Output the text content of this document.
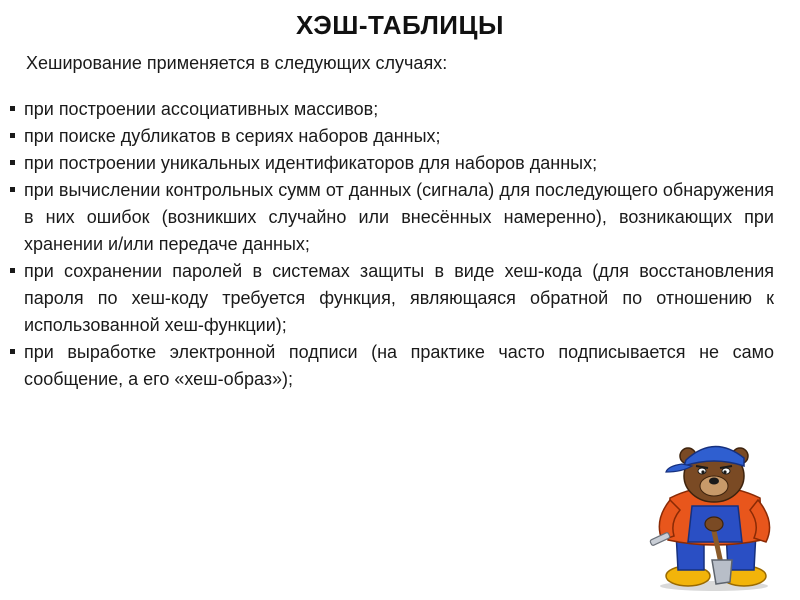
ХЭШ-ТАБЛИЦЫ
Хеширование применяется в следующих случаях:
при построении ассоциативных массивов;
при поиске дубликатов в сериях наборов данных;
при построении уникальных идентификаторов для наборов данных;
при вычислении контрольных сумм от данных (сигнала) для последующего обнаружения в них ошибок (возникших случайно или внесённых намеренно), возникающих при хранении и/или передаче данных;
при сохранении паролей в системах защиты в виде хеш-кода (для восстановления пароля по хеш-коду требуется функция, являющаяся обратной по отношению к использованной хеш-функции);
при выработке электронной подписи (на практике часто подписывается не само сообщение, а его «хеш-образ»);
